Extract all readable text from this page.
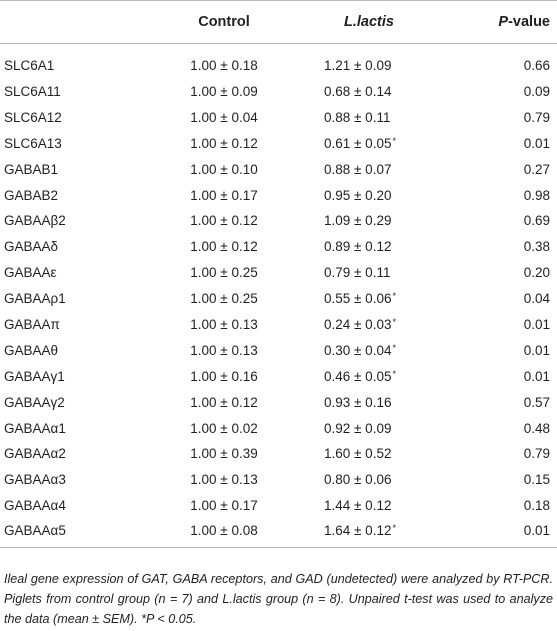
	Control	L.lactis	P-value
SLC6A1	1.00 ± 0.18	1.21 ± 0.09	0.66
SLC6A11	1.00 ± 0.09	0.68 ± 0.14	0.09
SLC6A12	1.00 ± 0.04	0.88 ± 0.11	0.79
SLC6A13	1.00 ± 0.12	0.61 ± 0.05*	0.01
GABAB1	1.00 ± 0.10	0.88 ± 0.07	0.27
GABAB2	1.00 ± 0.17	0.95 ± 0.20	0.98
GABAAβ2	1.00 ± 0.12	1.09 ± 0.29	0.69
GABAAδ	1.00 ± 0.12	0.89 ± 0.12	0.38
GABAAε	1.00 ± 0.25	0.79 ± 0.11	0.20
GABAAρ1	1.00 ± 0.25	0.55 ± 0.06*	0.04
GABAAπ	1.00 ± 0.13	0.24 ± 0.03*	0.01
GABAAθ	1.00 ± 0.13	0.30 ± 0.04*	0.01
GABAAγ1	1.00 ± 0.16	0.46 ± 0.05*	0.01
GABAAγ2	1.00 ± 0.12	0.93 ± 0.16	0.57
GABAAα1	1.00 ± 0.02	0.92 ± 0.09	0.48
GABAAα2	1.00 ± 0.39	1.60 ± 0.52	0.79
GABAAα3	1.00 ± 0.13	0.80 ± 0.06	0.15
GABAAα4	1.00 ± 0.17	1.44 ± 0.12	0.18
GABAAα5	1.00 ± 0.08	1.64 ± 0.12*	0.01
Ileal gene expression of GAT, GABA receptors, and GAD (undetected) were analyzed by RT-PCR. Piglets from control group (n = 7) and L.lactis group (n = 8). Unpaired t-test was used to analyze the data (mean ± SEM). *P < 0.05.
